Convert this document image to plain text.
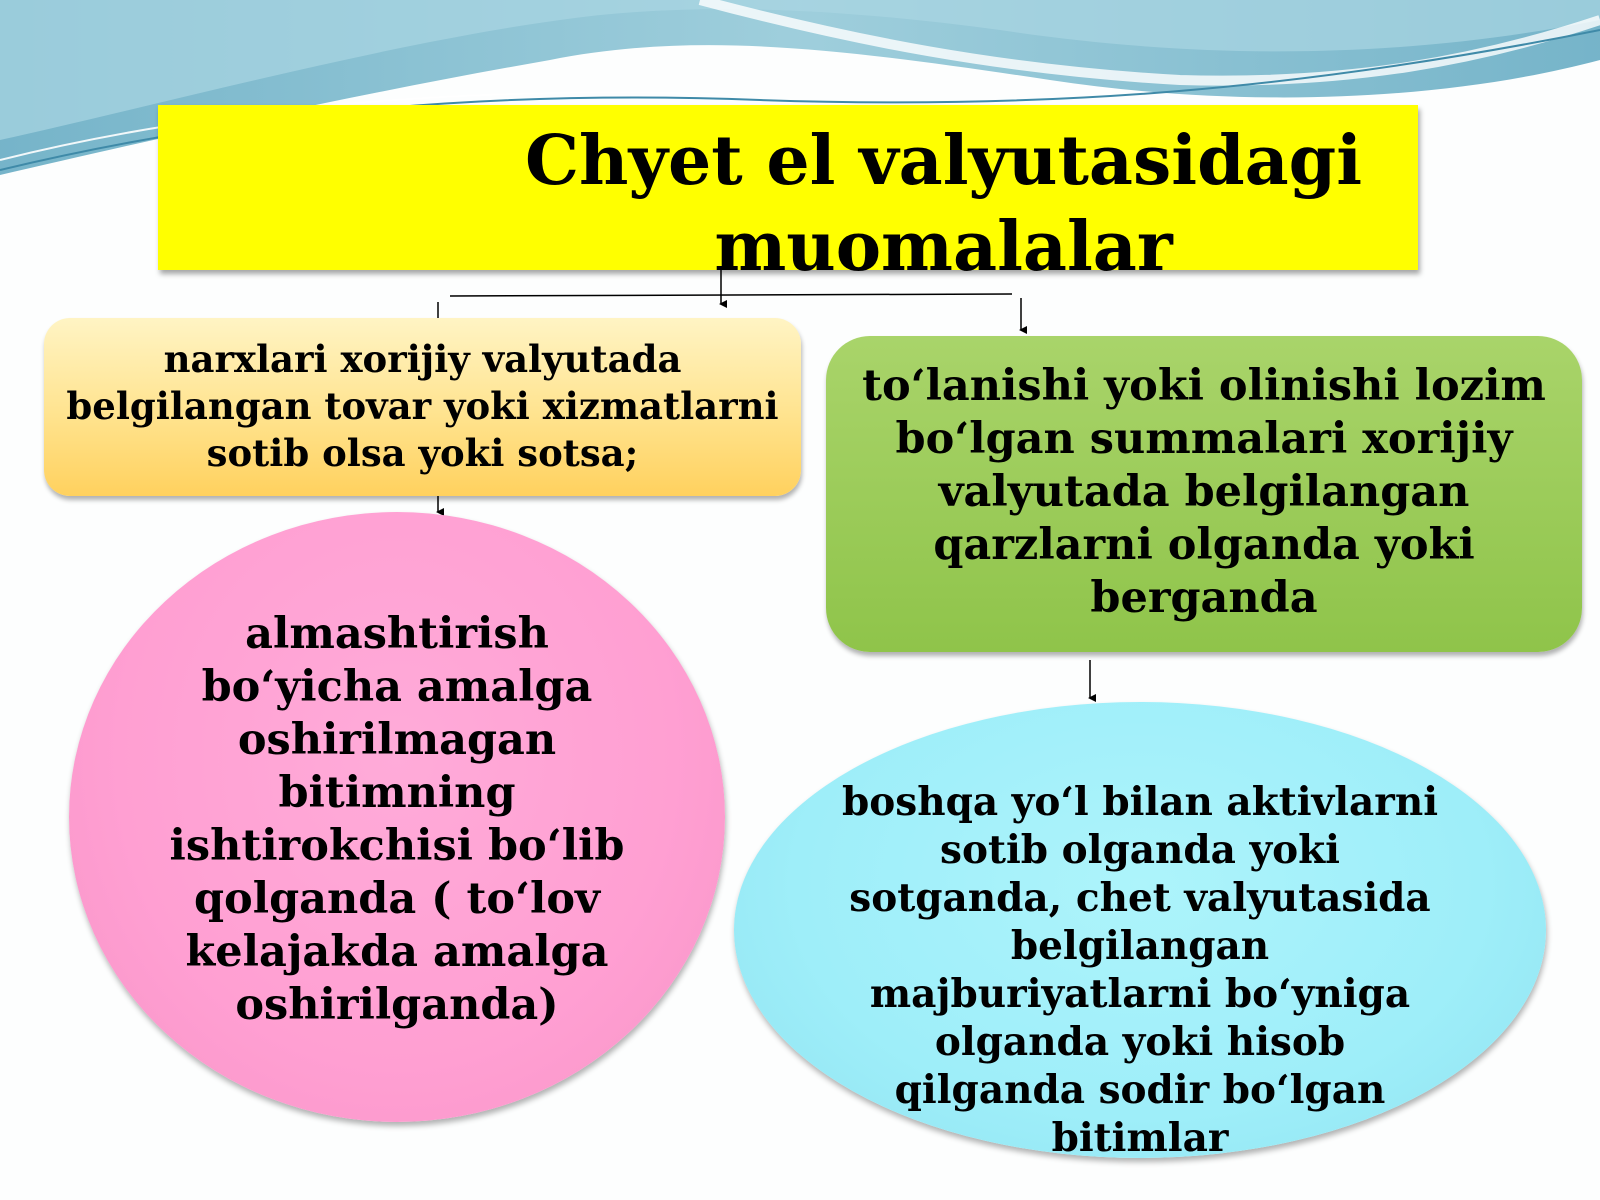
Chyet el valyutasidagi muomalalar
narxlari xorijiy valyutada belgilangan tovar yoki xizmatlarni sotib olsa yoki sotsa;
to‘lanishi yoki olinishi lozim bo‘lgan summalari xorijiy valyutada belgilangan qarzlarni olganda yoki berganda
almashtirish bo‘yicha amalga oshirilmagan bitimning ishtirokchisi bo‘lib qolganda ( to‘lov kelajakda amalga oshirilganda)
boshqa yo‘l bilan aktivlarni sotib olganda yoki sotganda, chet valyutasida belgilangan majburiyatlarni bo‘yniga olganda yoki hisob qilganda sodir bo‘lgan bitimlar
